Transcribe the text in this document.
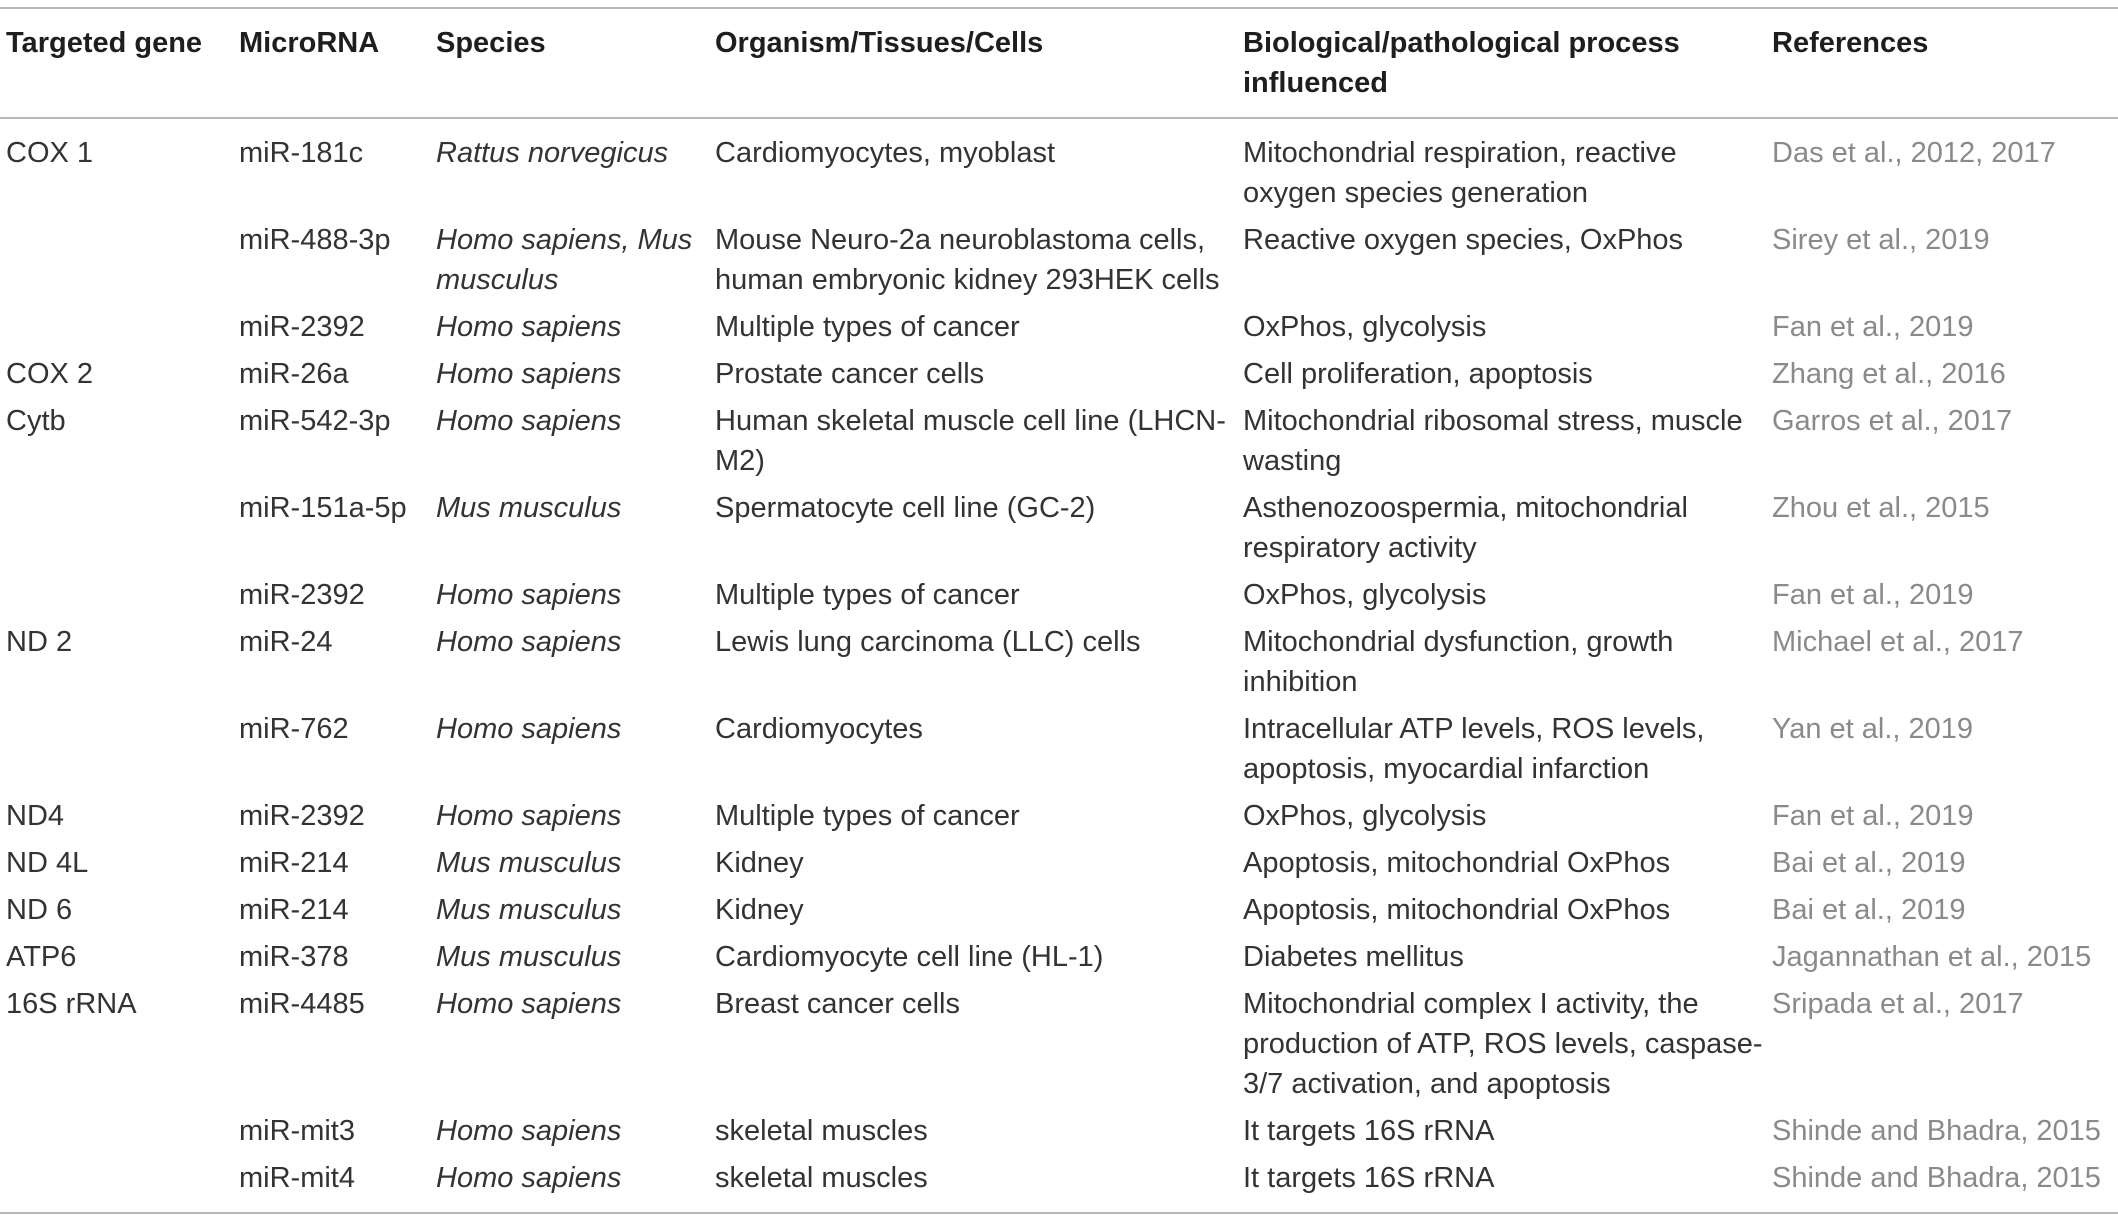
Targeted gene	MicroRNA	Species	Organism/Tissues/Cells	Biological/pathological process influenced	References
COX 1	miR-181c	Rattus norvegicus	Cardiomyocytes, myoblast	Mitochondrial respiration, reactive oxygen species generation	Das et al., 2012, 2017
	miR-488-3p	Homo sapiens, Mus musculus	Mouse Neuro-2a neuroblastoma cells, human embryonic kidney 293HEK cells	Reactive oxygen species, OxPhos	Sirey et al., 2019
	miR-2392	Homo sapiens	Multiple types of cancer	OxPhos, glycolysis	Fan et al., 2019
COX 2	miR-26a	Homo sapiens	Prostate cancer cells	Cell proliferation, apoptosis	Zhang et al., 2016
Cytb	miR-542-3p	Homo sapiens	Human skeletal muscle cell line (LHCN-M2)	Mitochondrial ribosomal stress, muscle wasting	Garros et al., 2017
	miR-151a-5p	Mus musculus	Spermatocyte cell line (GC-2)	Asthenozoospermia, mitochondrial respiratory activity	Zhou et al., 2015
	miR-2392	Homo sapiens	Multiple types of cancer	OxPhos, glycolysis	Fan et al., 2019
ND 2	miR-24	Homo sapiens	Lewis lung carcinoma (LLC) cells	Mitochondrial dysfunction, growth inhibition	Michael et al., 2017
	miR-762	Homo sapiens	Cardiomyocytes	Intracellular ATP levels, ROS levels, apoptosis, myocardial infarction	Yan et al., 2019
ND4	miR-2392	Homo sapiens	Multiple types of cancer	OxPhos, glycolysis	Fan et al., 2019
ND 4L	miR-214	Mus musculus	Kidney	Apoptosis, mitochondrial OxPhos	Bai et al., 2019
ND 6	miR-214	Mus musculus	Kidney	Apoptosis, mitochondrial OxPhos	Bai et al., 2019
ATP6	miR-378	Mus musculus	Cardiomyocyte cell line (HL-1)	Diabetes mellitus	Jagannathan et al., 2015
16S rRNA	miR-4485	Homo sapiens	Breast cancer cells	Mitochondrial complex I activity, the production of ATP, ROS levels, caspase-3/7 activation, and apoptosis	Sripada et al., 2017
	miR-mit3	Homo sapiens	skeletal muscles	It targets 16S rRNA	Shinde and Bhadra, 2015
	miR-mit4	Homo sapiens	skeletal muscles	It targets 16S rRNA	Shinde and Bhadra, 2015
